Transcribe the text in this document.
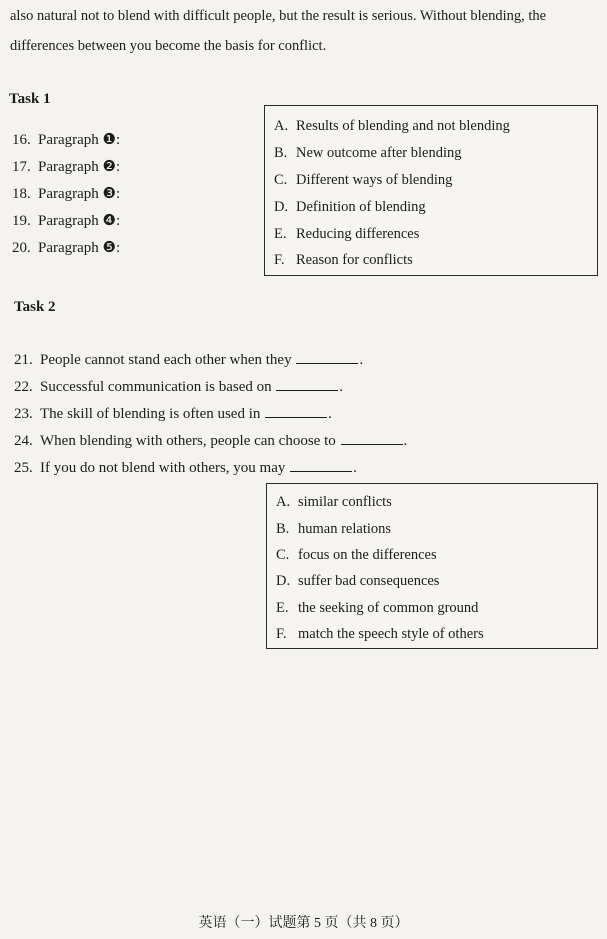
also natural not to blend with difficult people, but the result is serious. Without blending, the
differences between you become the basis for conflict.
Task 1
16. Paragraph ❶:
17. Paragraph ❷:
18. Paragraph ❸:
19. Paragraph ❹:
20. Paragraph ❺:
A. Results of blending and not blending
B. New outcome after blending
C. Different ways of blending
D. Definition of blending
E. Reducing differences
F. Reason for conflicts
Task 2
21. People cannot stand each other when they	.
22. Successful communication is based on	.
23. The skill of blending is often used in	.
24. When blending with others, people can choose to	.
25. If you do not blend with others, you may	.
A. similar conflicts
B. human relations
C. focus on the differences
D. suffer bad consequences
E. the seeking of common ground
F. match the speech style of others
英语（一）试题第 5 页（共 8 页）
